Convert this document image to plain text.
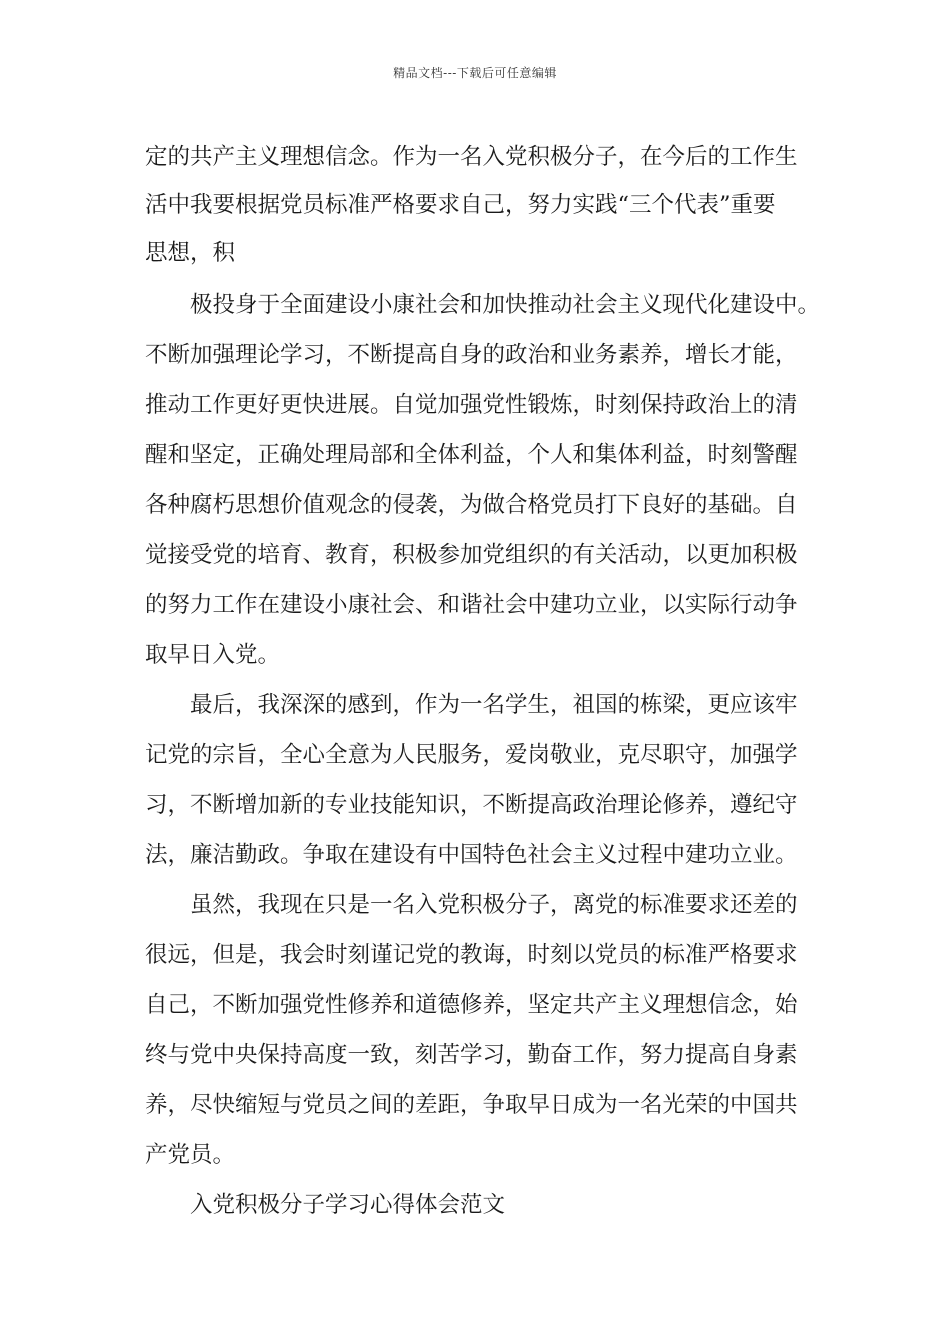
精品文档---下载后可任意编辑
定的共产主义理想信念。作为一名入党积极分子，在今后的工作生
活中我要根据党员标准严格要求自己，努力实践“三个代表”重要
思想，积
极投身于全面建设小康社会和加快推动社会主义现代化建设中。
不断加强理论学习，不断提高自身的政治和业务素养，增长才能，
推动工作更好更快进展。自觉加强党性锻炼，时刻保持政治上的清
醒和坚定，正确处理局部和全体利益，个人和集体利益，时刻警醒
各种腐朽思想价值观念的侵袭，为做合格党员打下良好的基础。自
觉接受党的培育、教育，积极参加党组织的有关活动，以更加积极
的努力工作在建设小康社会、和谐社会中建功立业，以实际行动争
取早日入党。
最后，我深深的感到，作为一名学生，祖国的栋梁，更应该牢
记党的宗旨，全心全意为人民服务，爱岗敬业，克尽职守，加强学
习，不断增加新的专业技能知识，不断提高政治理论修养，遵纪守
法，廉洁勤政。争取在建设有中国特色社会主义过程中建功立业。
虽然，我现在只是一名入党积极分子，离党的标准要求还差的
很远，但是，我会时刻谨记党的教诲，时刻以党员的标准严格要求
自己，不断加强党性修养和道德修养，坚定共产主义理想信念，始
终与党中央保持高度一致，刻苦学习，勤奋工作，努力提高自身素
养，尽快缩短与党员之间的差距，争取早日成为一名光荣的中国共
产党员。
入党积极分子学习心得体会范文
